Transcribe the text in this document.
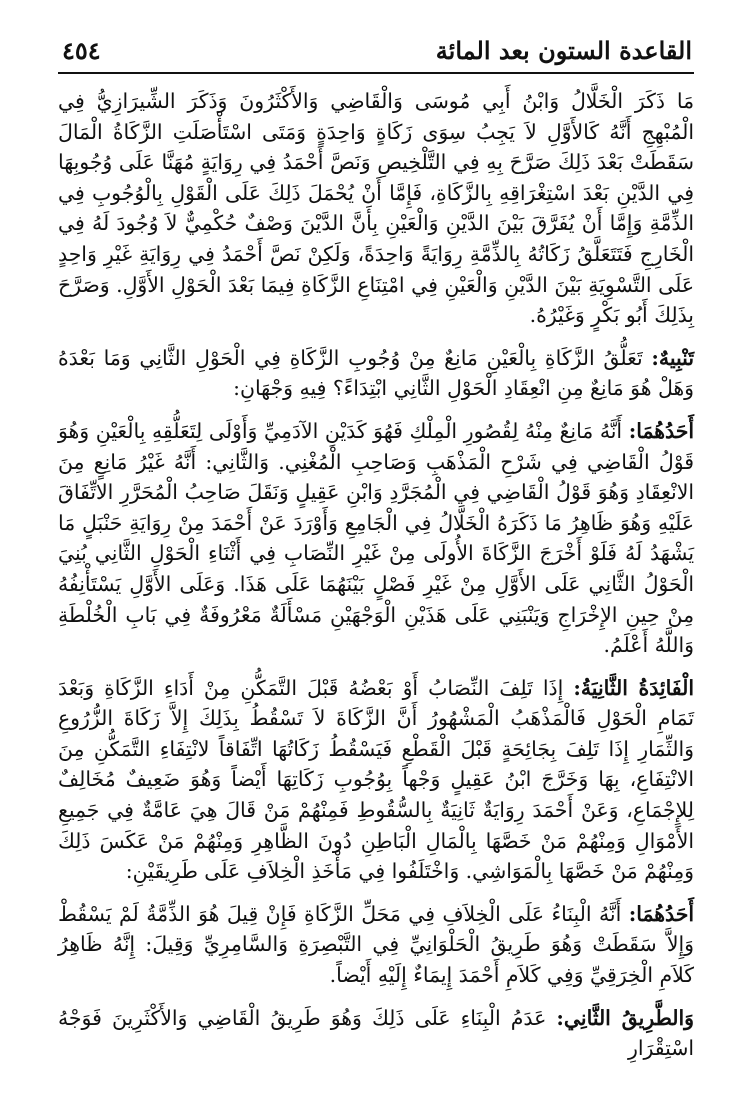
القاعدة الستون بعد المائة
٤٥٤

مَا ذَكَرَ الْخَلَّالُ وَابْنُ أَبِي مُوسَى وَالْقَاضِي وَالأَكْثَرُونَ وَذَكَرَ الشِّيرَازِيُّ فِي الْمُبْهِجِ أَنَّهُ كَالأَوَّلِ لاَ يَجِبُ سِوَى زَكَاةٍ وَاحِدَةٍ وَمَتَى اسْتَأْصَلَتِ الزَّكَاةُ الْمَالَ سَقَطَتْ بَعْدَ ذَلِكَ صَرَّحَ بِهِ فِي التَّلْخِيصِ وَنَصَّ أَحْمَدُ فِي رِوَايَةٍ مُهَنَّا عَلَى وُجُوبِهَا فِي الدَّيْنِ بَعْدَ اسْتِغْرَاقِهِ بِالزَّكَاةِ، فَإِمَّا أَنْ يُحْمَلَ ذَلِكَ عَلَى الْقَوْلِ بِالْوُجُوبِ فِي الذِّمَّةِ وَإِمَّا أَنْ يُفَرَّقَ بَيْنَ الدَّيْنِ وَالْعَيْنِ بِأَنَّ الدَّيْنَ وَصْفٌ حُكْمِيٌّ لاَ وُجُودَ لَهُ فِي الْخَارِجِ فَتَتَعَلَّقُ زَكَاتُهُ بِالذِّمَّةِ رِوَايَةً وَاحِدَةً، وَلَكِنْ نَصَّ أَحْمَدُ فِي رِوَايَةِ غَيْرِ وَاحِدٍ عَلَى التَّسْوِيَةِ بَيْنَ الدَّيْنِ وَالْعَيْنِ فِي امْتِنَاعِ الزَّكَاةِ فِيمَا بَعْدَ الْحَوْلِ الأَوَّلِ. وَصَرَّحَ بِذَلِكَ أَبُو بَكْرٍ وَغَيْرُهُ.

تَنْبِيهٌ: تَعَلُّقُ الزَّكَاةِ بِالْعَيْنِ مَانِعٌ مِنْ وُجُوبِ الزَّكَاةِ فِي الْحَوْلِ الثَّانِي وَمَا بَعْدَهُ وَهَلْ هُوَ مَانِعٌ مِنِ انْعِقَادِ الْحَوْلِ الثَّانِي ابْتِدَاءً؟ فِيهِ وَجْهَانِ:

أَحَدُهُمَا: أَنَّهُ مَانِعٌ مِنْهُ لِقُصُورِ الْمِلْكِ فَهُوَ كَدَيْنِ الآدَمِيِّ وَأَوْلَى لِتَعَلُّقِهِ بِالْعَيْنِ وَهُوَ قَوْلُ الْقَاضِي فِي شَرْحِ الْمَذْهَبِ وَصَاحِبِ الْمُغْنِي. وَالثَّانِي: أَنَّهُ غَيْرُ مَانِعٍ مِنَ الانْعِقَادِ وَهُوَ قَوْلُ الْقَاضِي فِي الْمُجَرَّدِ وَابْنِ عَقِيلٍ وَنَقَلَ صَاحِبُ الْمُحَرَّرِ الاتِّفَاقَ عَلَيْهِ وَهُوَ ظَاهِرُ مَا ذَكَرَهُ الْخَلَّالُ فِي الْجَامِعِ وَأَوْرَدَ عَنْ أَحْمَدَ مِنْ رِوَايَةِ حَنْبَلٍ مَا يَشْهَدُ لَهُ فَلَوْ أَخْرَجَ الزَّكَاةَ الأُولَى مِنْ غَيْرِ النِّصَابِ فِي أَثْنَاءِ الْحَوْلِ الثَّانِي بُنِيَ الْحَوْلُ الثَّانِي عَلَى الأَوَّلِ مِنْ غَيْرِ فَصْلٍ بَيْنَهُمَا عَلَى هَذَا. وَعَلَى الأَوَّلِ يَسْتَأْنِفُهُ مِنْ حِينِ الإِخْرَاجِ وَيَنْبَنِي عَلَى هَذَيْنِ الْوَجْهَيْنِ مَسْأَلَةٌ مَعْرُوفَةٌ فِي بَابِ الْخُلْطَةِ وَاللَّهُ أَعْلَمُ.

الْفَائِدَةُ الثَّانِيَةُ: إِذَا تَلِفَ النِّصَابُ أَوْ بَعْضُهُ قَبْلَ التَّمَكُّنِ مِنْ أَدَاءِ الزَّكَاةِ وَبَعْدَ تَمَامِ الْحَوْلِ فَالْمَذْهَبُ الْمَشْهُورُ أَنَّ الزَّكَاةَ لاَ تَسْقُطُ بِذَلِكَ إِلاَّ زَكَاةَ الزُّرُوعِ وَالثِّمَارِ إِذَا تَلِفَ بِجَائِحَةٍ قَبْلَ الْقَطْعِ فَيَسْقُطُ زَكَاتُهَا اتِّفَاقاً لانْتِفَاءِ التَّمَكُّنِ مِنَ الانْتِفَاعِ، بِهَا وَخَرَّجَ ابْنُ عَقِيلٍ وَجْهاً بِوُجُوبِ زَكَاتِهَا أَيْضاً وَهُوَ ضَعِيفٌ مُخَالِفٌ لِلإِجْمَاعِ، وَعَنْ أَحْمَدَ رِوَايَةٌ ثَانِيَةٌ بِالسُّقُوطِ فَمِنْهُمْ مَنْ قَالَ هِيَ عَامَّةٌ فِي جَمِيعِ الأَمْوَالِ وَمِنْهُمْ مَنْ خَصَّهَا بِالْمَالِ الْبَاطِنِ دُونَ الظَّاهِرِ وَمِنْهُمْ مَنْ عَكَسَ ذَلِكَ وَمِنْهُمْ مَنْ خَصَّهَا بِالْمَوَاشِي. وَاخْتَلَفُوا فِي مَأْخَذِ الْخِلاَفِ عَلَى طَرِيقَيْنِ:

أَحَدُهُمَا: أَنَّهُ الْبِنَاءُ عَلَى الْخِلاَفِ فِي مَحَلِّ الزَّكَاةِ فَإِنْ قِيلَ هُوَ الذِّمَّةُ لَمْ يَسْقُطْ وَإِلاَّ سَقَطَتْ وَهُوَ طَرِيقُ الْحَلْوَانِيِّ فِي التَّبْصِرَةِ وَالسَّامِرِيِّ وَقِيلَ: إِنَّهُ ظَاهِرُ كَلاَمِ الْخِرَقِيِّ وَفِي كَلاَمِ أَحْمَدَ إِيمَاءٌ إِلَيْهِ أَيْضاً.

وَالطَّرِيقُ الثَّانِي: عَدَمُ الْبِنَاءِ عَلَى ذَلِكَ وَهُوَ طَرِيقُ الْقَاضِي وَالأَكْثَرِينَ فَوَجْهُ اسْتِقْرَارِ
